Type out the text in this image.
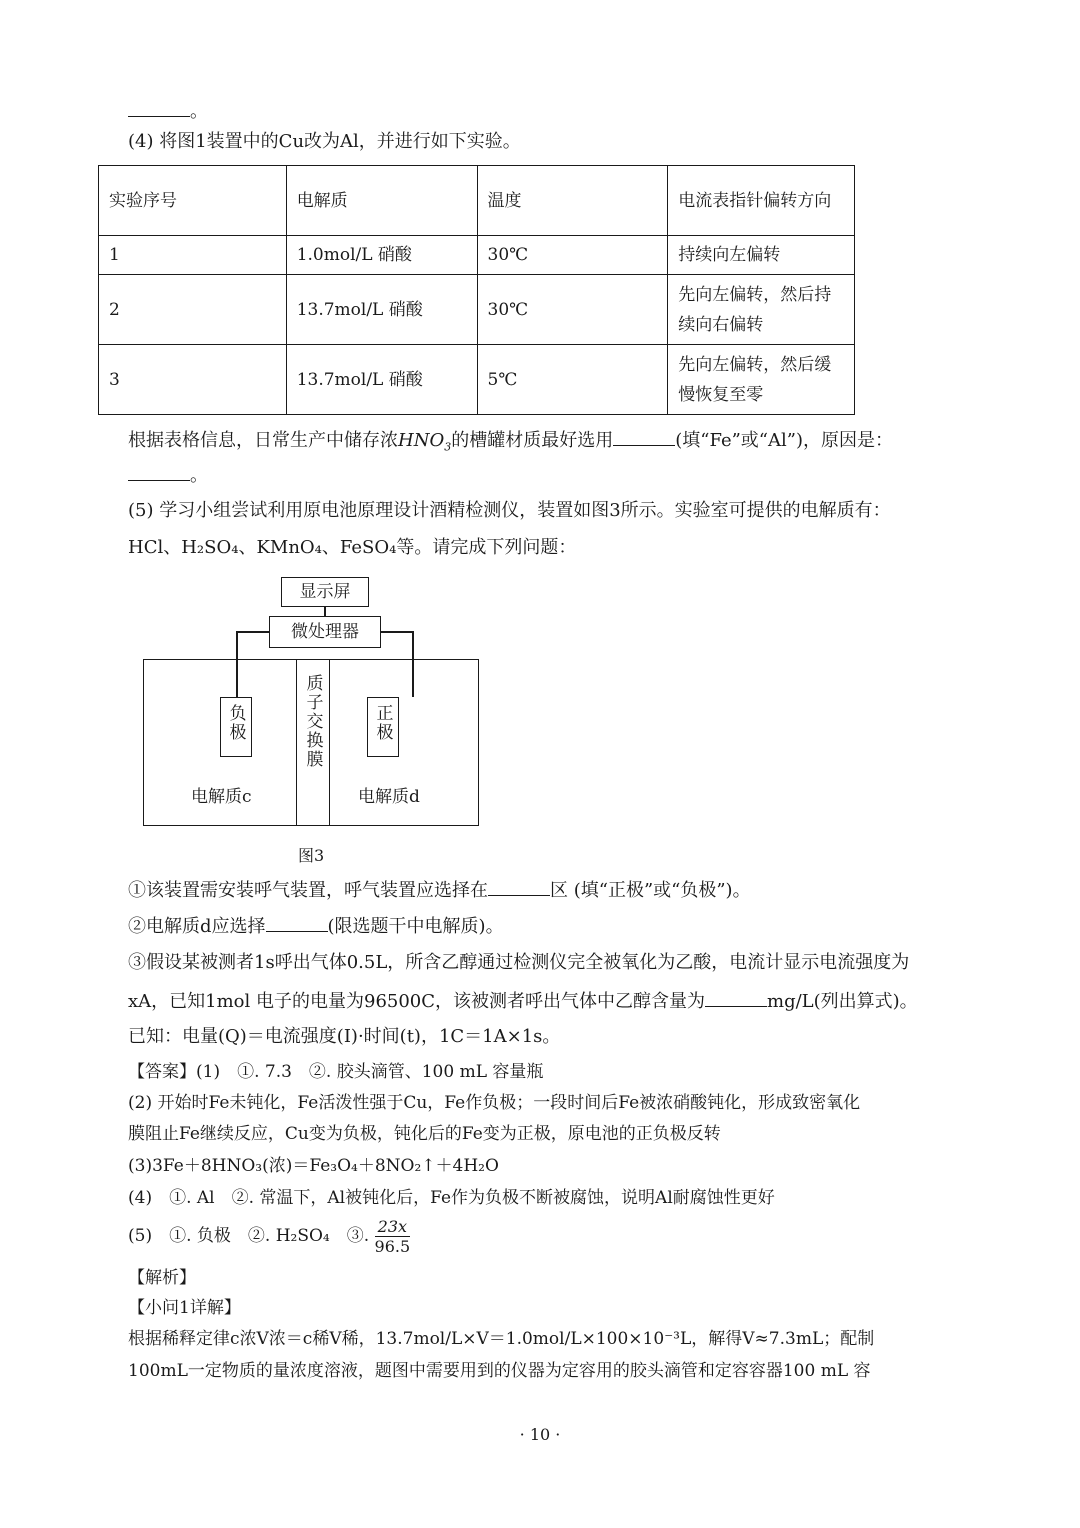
。

(4) 将图1装置中的Cu改为Al，并进行如下实验。

实验序号	电解质	温度	电流表指针偏转方向
1	1.0mol/L 硝酸	30℃	持续向左偏转
2	13.7mol/L 硝酸	30℃	先向左偏转，然后持续向右偏转
3	13.7mol/L 硝酸	5℃	先向左偏转，然后缓慢恢复至零

根据表格信息，日常生产中储存浓$HNO_3$的槽罐材质最好选用	(填“Fe”或“Al”)，原因是：

。

(5) 学习小组尝试利用原电池原理设计酒精检测仪，装置如图3所示。实验室可提供的电解质有：

HCl、H₂SO₄、KMnO₄、FeSO₄等。请完成下列问题：

显示屏
微处理器
质子交换膜
负极	正极
电解质c	电解质d
图3

①该装置需安装呼气装置，呼气装置应选择在	区 (填“正极”或“负极”)。

②电解质d应选择	(限选题干中电解质)。

③假设某被测者1s呼出气体0.5L，所含乙醇通过检测仪完全被氧化为乙酸，电流计显示电流强度为

xA，已知1mol 电子的电量为96500C，该被测者呼出气体中乙醇含量为	mg/L(列出算式)。

已知：电量(Q)＝电流强度(I)·时间(t)，1C＝1A×1s。

【答案】(1)　①. 7.3　②. 胶头滴管、100 mL 容量瓶

(2) 开始时Fe未钝化，Fe活泼性强于Cu，Fe作负极；一段时间后Fe被浓硝酸钝化，形成致密氧化

膜阻止Fe继续反应，Cu变为负极，钝化后的Fe变为正极，原电池的正负极反转

(3)3Fe＋8HNO₃(浓)＝Fe₃O₄＋8NO₂↑＋4H₂O

(4)　①. Al　②. 常温下，Al被钝化后，Fe作为负极不断被腐蚀，说明Al耐腐蚀性更好

(5)　①. 负极　②. H₂SO₄　③. $\frac{23x}{96.5}$

【解析】

【小问1详解】

根据稀释定律c浓V浓＝c稀V稀，13.7mol/L×V＝1.0mol/L×100×10⁻³L，解得V≈7.3mL；配制

100mL一定物质的量浓度溶液，题图中需要用到的仪器为定容用的胶头滴管和定容容器100 mL 容

· 10 ·
